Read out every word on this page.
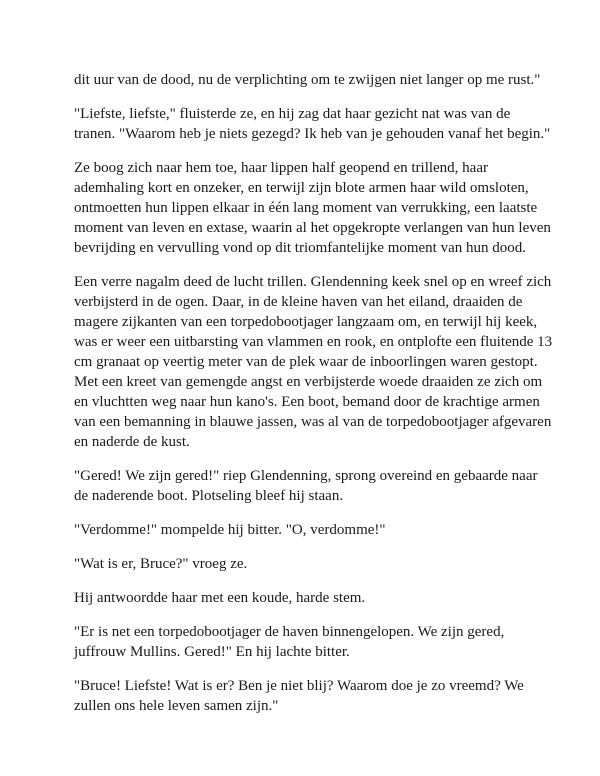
dit uur van de dood, nu de verplichting om te zwijgen niet langer op me rust."

"Liefste, liefste," fluisterde ze, en hij zag dat haar gezicht nat was van de tranen. "Waarom heb je niets gezegd? Ik heb van je gehouden vanaf het begin."

Ze boog zich naar hem toe, haar lippen half geopend en trillend, haar ademhaling kort en onzeker, en terwijl zijn blote armen haar wild omsloten, ontmoetten hun lippen elkaar in één lang moment van verrukking, een laatste moment van leven en extase, waarin al het opgekropte verlangen van hun leven bevrijding en vervulling vond op dit triomfantelijke moment van hun dood.

Een verre nagalm deed de lucht trillen. Glendenning keek snel op en wreef zich verbijsterd in de ogen. Daar, in de kleine haven van het eiland, draaiden de magere zijkanten van een torpedobootjager langzaam om, en terwijl hij keek, was er weer een uitbarsting van vlammen en rook, en ontplofte een fluitende 13 cm granaat op veertig meter van de plek waar de inboorlingen waren gestopt. Met een kreet van gemengde angst en verbijsterde woede draaiden ze zich om en vluchtten weg naar hun kano's. Een boot, bemand door de krachtige armen van een bemanning in blauwe jassen, was al van de torpedobootjager afgevaren en naderde de kust.

"Gered! We zijn gered!" riep Glendenning, sprong overeind en gebaarde naar de naderende boot. Plotseling bleef hij staan.

"Verdomme!" mompelde hij bitter. "O, verdomme!"

"Wat is er, Bruce?" vroeg ze.

Hij antwoordde haar met een koude, harde stem.

"Er is net een torpedobootjager de haven binnengelopen. We zijn gered, juffrouw Mullins. Gered!" En hij lachte bitter.

"Bruce! Liefste! Wat is er? Ben je niet blij? Waarom doe je zo vreemd? We zullen ons hele leven samen zijn."
